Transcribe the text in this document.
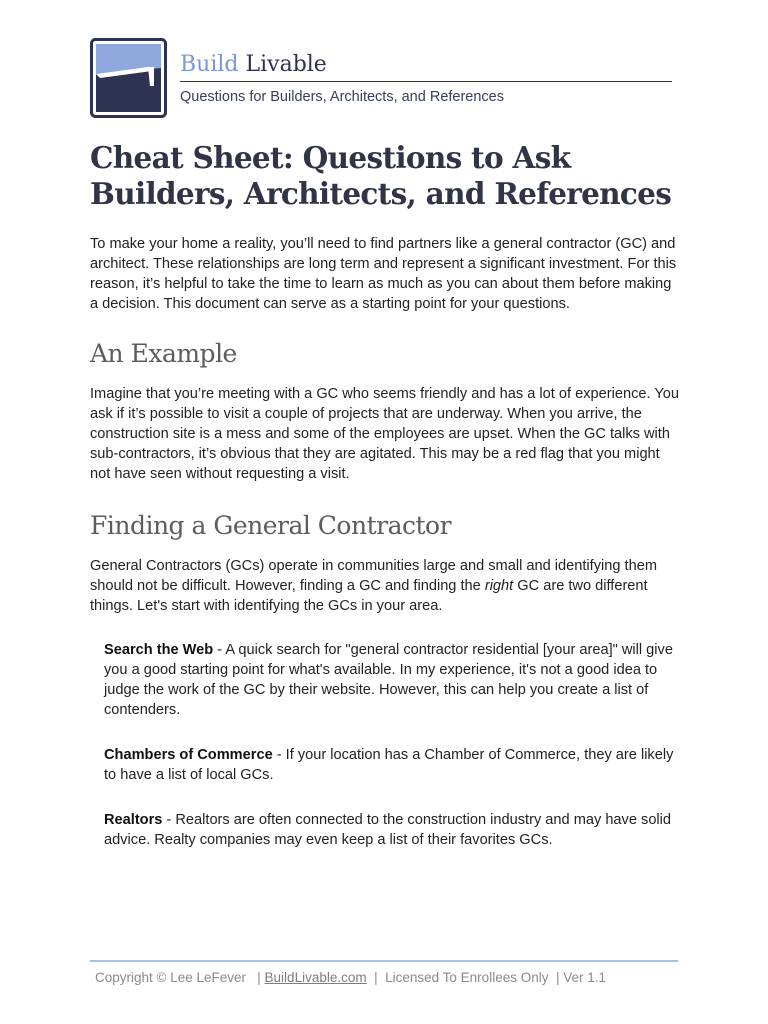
Build Livable
Questions for Builders, Architects, and References
Cheat Sheet: Questions to Ask Builders, Architects, and References

To make your home a reality, you’ll need to find partners like a general contractor (GC) and architect. These relationships are long term and represent a significant investment. For this reason, it’s helpful to take the time to learn as much as you can about them before making a decision. This document can serve as a starting point for your questions.

An Example

Imagine that you’re meeting with a GC who seems friendly and has a lot of experience. You ask if it’s possible to visit a couple of projects that are underway. When you arrive, the construction site is a mess and some of the employees are upset. When the GC talks with sub-contractors, it’s obvious that they are agitated. This may be a red flag that you might not have seen without requesting a visit.

Finding a General Contractor

General Contractors (GCs) operate in communities large and small and identifying them should not be difficult. However, finding a GC and finding the right GC are two different things. Let's start with identifying the GCs in your area.

Search the Web - A quick search for "general contractor residential [your area]" will give you a good starting point for what's available. In my experience, it's not a good idea to judge the work of the GC by their website. However, this can help you create a list of contenders.

Chambers of Commerce - If your location has a Chamber of Commerce, they are likely to have a list of local GCs.

Realtors - Realtors are often connected to the construction industry and may have solid advice. Realty companies may even keep a list of their favorites GCs.

Copyright © Lee LeFever   | BuildLivable.com  |  Licensed To Enrollees Only  | Ver 1.1
